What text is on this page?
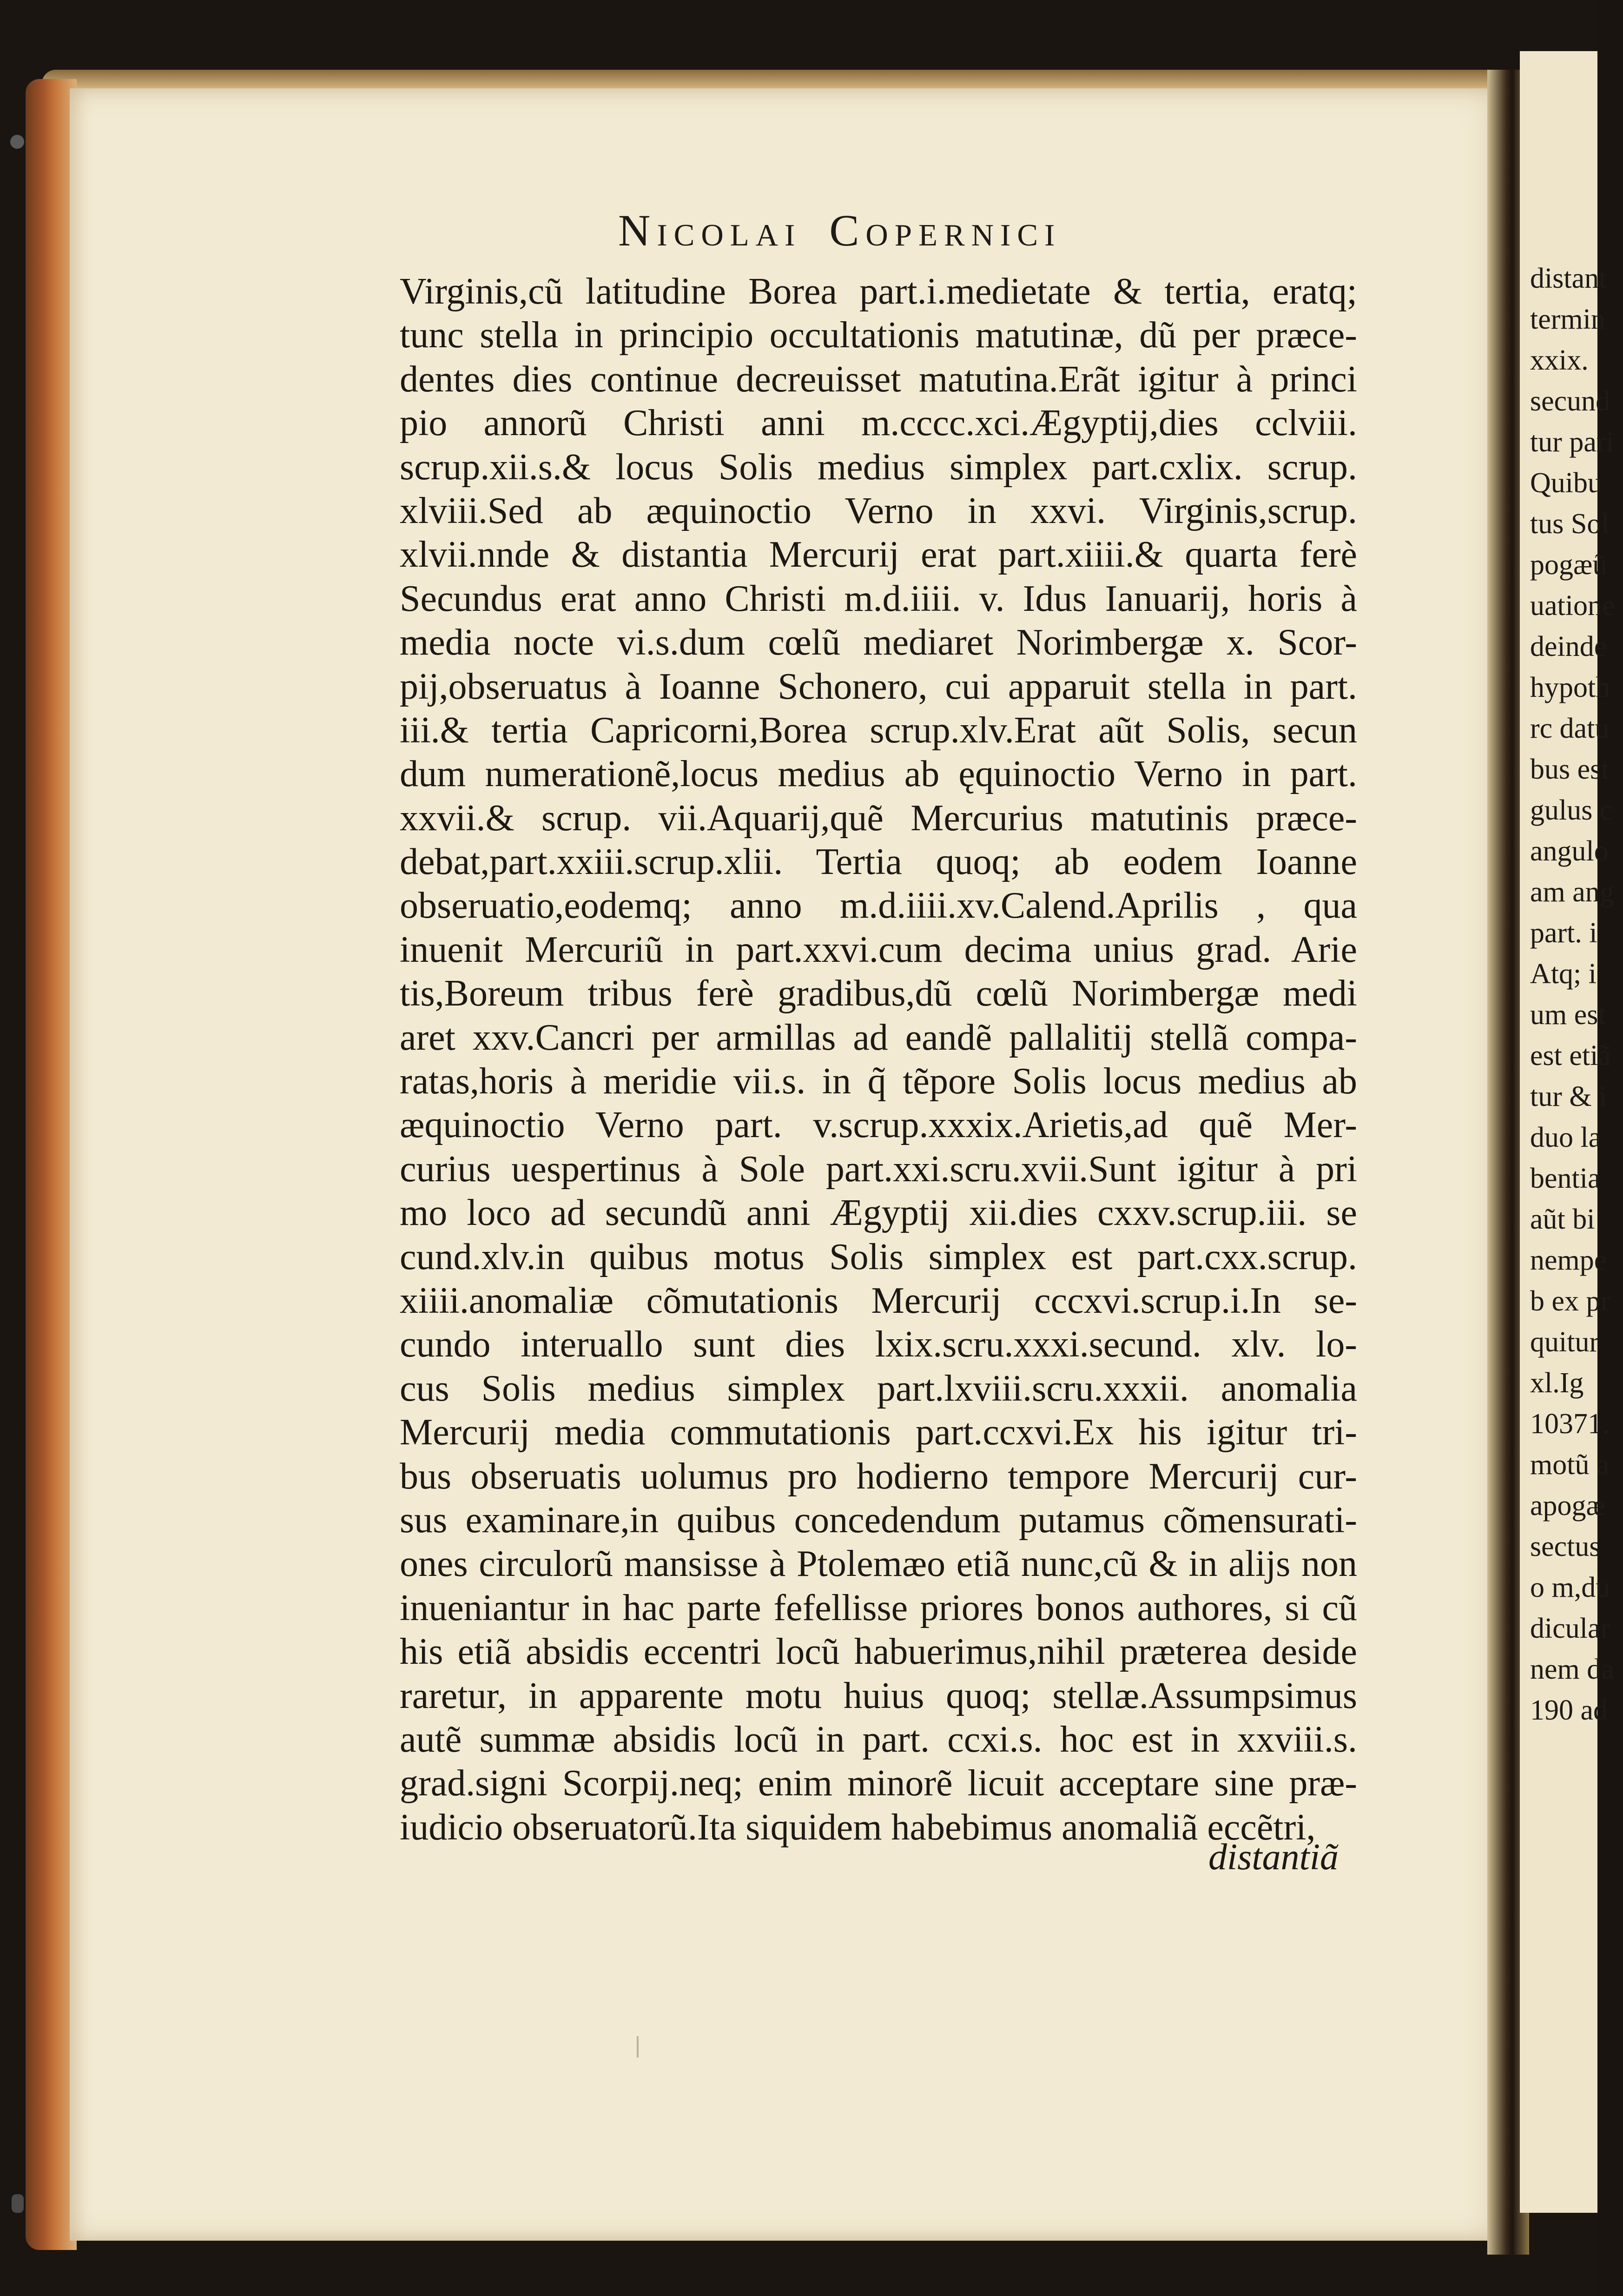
Nicolai Copernici
Virginis,cũ latitudine Borea part.i.medietate & tertia, eratq;
tunc stella in principio occultationis matutinæ, dũ per præce-
dentes dies continue decreuisset matutina.Erãt igitur à princi
pio annorũ Christi anni m.cccc.xci.Ægyptij,dies cclviii.
scrup.xii.s.& locus Solis medius simplex part.cxlix. scrup.
xlviii.Sed ab æquinoctio Verno in xxvi. Virginis,scrup.
xlvii.nnde & distantia Mercurij erat part.xiiii.& quarta ferè
Secundus erat anno Christi m.d.iiii. v. Idus Ianuarij, horis à
media nocte vi.s.dum cœlũ mediaret Norimbergæ x. Scor-
pij,obseruatus à Ioanne Schonero, cui apparuit stella in part.
iii.& tertia Capricorni,Borea scrup.xlv.Erat aũt Solis, secun
dum numerationẽ,locus medius ab ęquinoctio Verno in part.
xxvii.& scrup. vii.Aquarij,quẽ Mercurius matutinis præce-
debat,part.xxiii.scrup.xlii. Tertia quoq; ab eodem Ioanne
obseruatio,eodemq; anno m.d.iiii.xv.Calend.Aprilis , qua
inuenit Mercuriũ in part.xxvi.cum decima unius grad. Arie
tis,Boreum tribus ferè gradibus,dũ cœlũ Norimbergæ medi
aret xxv.Cancri per armillas ad eandẽ pallalitij stellã compa-
ratas,horis à meridie vii.s. in q̃ tẽpore Solis locus medius ab
æquinoctio Verno part. v.scrup.xxxix.Arietis,ad quẽ Mer-
curius uespertinus à Sole part.xxi.scru.xvii.Sunt igitur à pri
mo loco ad secundũ anni Ægyptij xii.dies cxxv.scrup.iii. se
cund.xlv.in quibus motus Solis simplex est part.cxx.scrup.
xiiii.anomaliæ cõmutationis Mercurij cccxvi.scrup.i.In se-
cundo interuallo sunt dies lxix.scru.xxxi.secund. xlv. lo-
cus Solis medius simplex part.lxviii.scru.xxxii. anomalia
Mercurij media commutationis part.ccxvi.Ex his igitur tri-
bus obseruatis uolumus pro hodierno tempore Mercurij cur-
sus examinare,in quibus concedendum putamus cõmensurati-
ones circulorũ mansisse à Ptolemæo etiã nunc,cũ & in alijs non
inueniantur in hac parte fefellisse priores bonos authores, si cũ
his etiã absidis eccentri locũ habuerimus,nihil præterea deside
raretur, in apparente motu huius quoq; stellæ.Assumpsimus
autẽ summæ absidis locũ in part. ccxi.s. hoc est in xxviii.s.
grad.signi Scorpij.neq; enim minorẽ licuit acceptare sine præ-
iudicio obseruatorũ.Ita siquidem habebimus anomaliã eccẽtri,
distantiã
distant
termin
xxix.
secund
tur pari
Quibu
tus Sol
pogæũ
uatione
deinde
hypoth
rc datu
bus est
gulus c
angulo
am ang
part. i
Atq; i
um est
est etiã
tur & i
duo la
bentia
aũt bi
nempe
b ex pr
quitur
xl.Ig
10371.
motũ a
apogæ
sectus
o m,du
dicular
nem da
190 ad
